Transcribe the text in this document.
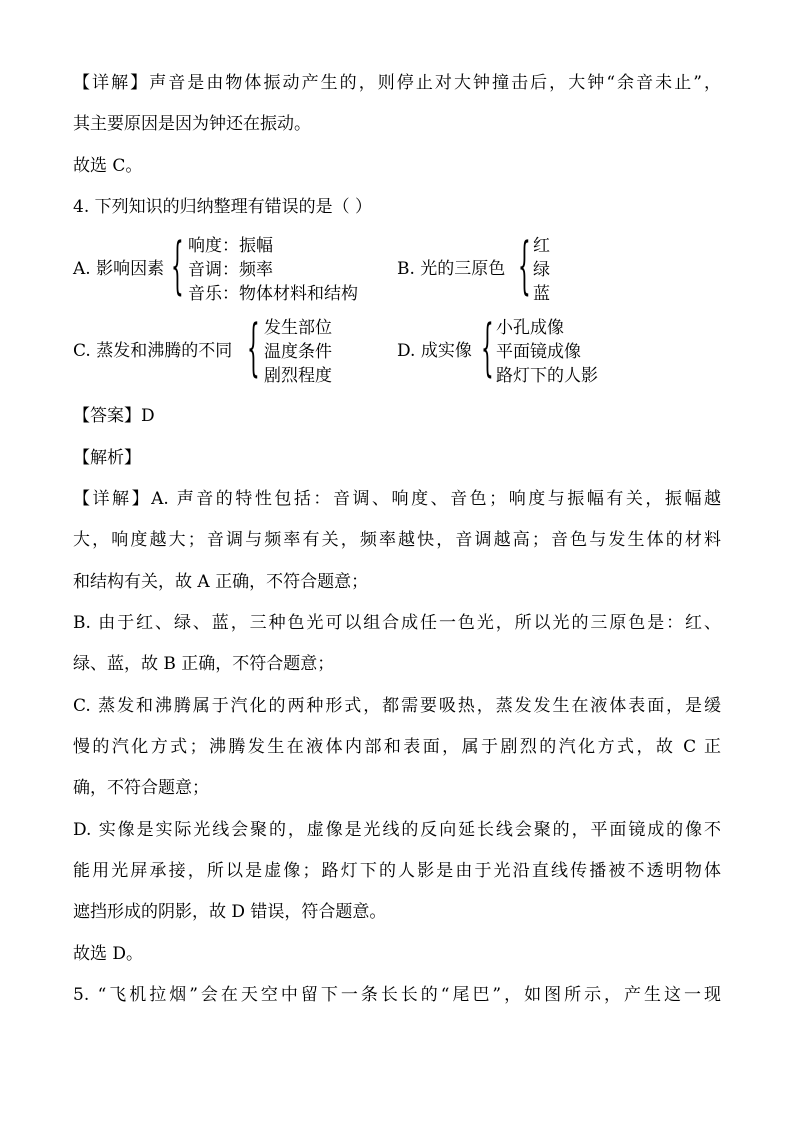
【详解】声音是由物体振动产生的，则停止对大钟撞击后，大钟“余音未止”，
其主要原因是因为钟还在振动。
故选 C。
4. 下列知识的归纳整理有错误的是（ ）
A. 影响因素 { 响度：振幅
音调：频率
音乐：物体材料和结构
B. 光的三原色 { 红
绿
蓝
C. 蒸发和沸腾的不同 { 发生部位
温度条件
剧烈程度
D. 成实像 { 小孔成像
平面镜成像
路灯下的人影
【答案】D
【解析】
【详解】A. 声音的特性包括：音调、响度、音色；响度与振幅有关，振幅越
大，响度越大；音调与频率有关，频率越快，音调越高；音色与发生体的材料
和结构有关，故 A 正确，不符合题意；
B. 由于红、绿、蓝，三种色光可以组合成任一色光，所以光的三原色是：红、
绿、蓝，故 B 正确，不符合题意；
C. 蒸发和沸腾属于汽化的两种形式，都需要吸热，蒸发发生在液体表面，是缓
慢的汽化方式；沸腾发生在液体内部和表面，属于剧烈的汽化方式，故 C 正
确，不符合题意；
D. 实像是实际光线会聚的，虚像是光线的反向延长线会聚的，平面镜成的像不
能用光屏承接，所以是虚像；路灯下的人影是由于光沿直线传播被不透明物体
遮挡形成的阴影，故 D 错误，符合题意。
故选 D。
5. “飞机拉烟”会在天空中留下一条长长的“尾巴”，如图所示，产生这一现
